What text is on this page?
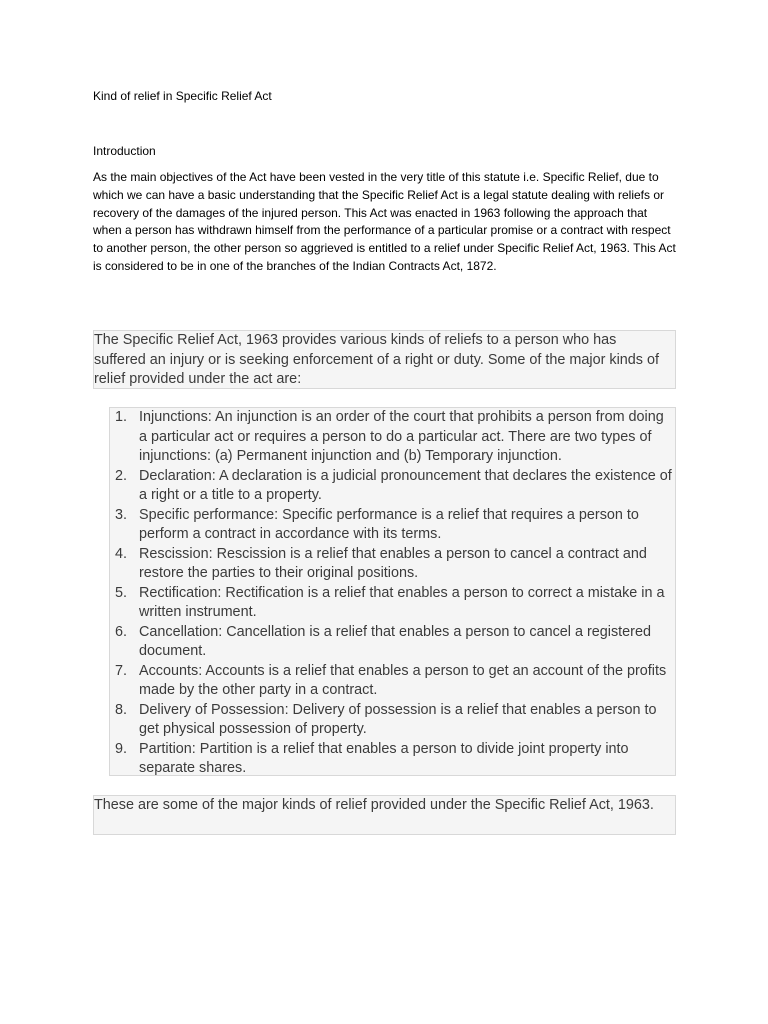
Kind of relief in Specific Relief Act
Introduction

As the main objectives of the Act have been vested in the very title of this statute i.e. Specific Relief, due to which we can have a basic understanding that the Specific Relief Act is a legal statute dealing with reliefs or recovery of the damages of the injured person. This Act was enacted in 1963 following the approach that when a person has withdrawn himself from the performance of a particular promise or a contract with respect to another person, the other person so aggrieved is entitled to a relief under Specific Relief Act, 1963. This Act is considered to be in one of the branches of the Indian Contracts Act, 1872.

The Specific Relief Act, 1963 provides various kinds of reliefs to a person who has suffered an injury or is seeking enforcement of a right or duty. Some of the major kinds of relief provided under the act are:

1. Injunctions: An injunction is an order of the court that prohibits a person from doing a particular act or requires a person to do a particular act. There are two types of injunctions: (a) Permanent injunction and (b) Temporary injunction.
2. Declaration: A declaration is a judicial pronouncement that declares the existence of a right or a title to a property.
3. Specific performance: Specific performance is a relief that requires a person to perform a contract in accordance with its terms.
4. Rescission: Rescission is a relief that enables a person to cancel a contract and restore the parties to their original positions.
5. Rectification: Rectification is a relief that enables a person to correct a mistake in a written instrument.
6. Cancellation: Cancellation is a relief that enables a person to cancel a registered document.
7. Accounts: Accounts is a relief that enables a person to get an account of the profits made by the other party in a contract.
8. Delivery of Possession: Delivery of possession is a relief that enables a person to get physical possession of property.
9. Partition: Partition is a relief that enables a person to divide joint property into separate shares.

These are some of the major kinds of relief provided under the Specific Relief Act, 1963.
